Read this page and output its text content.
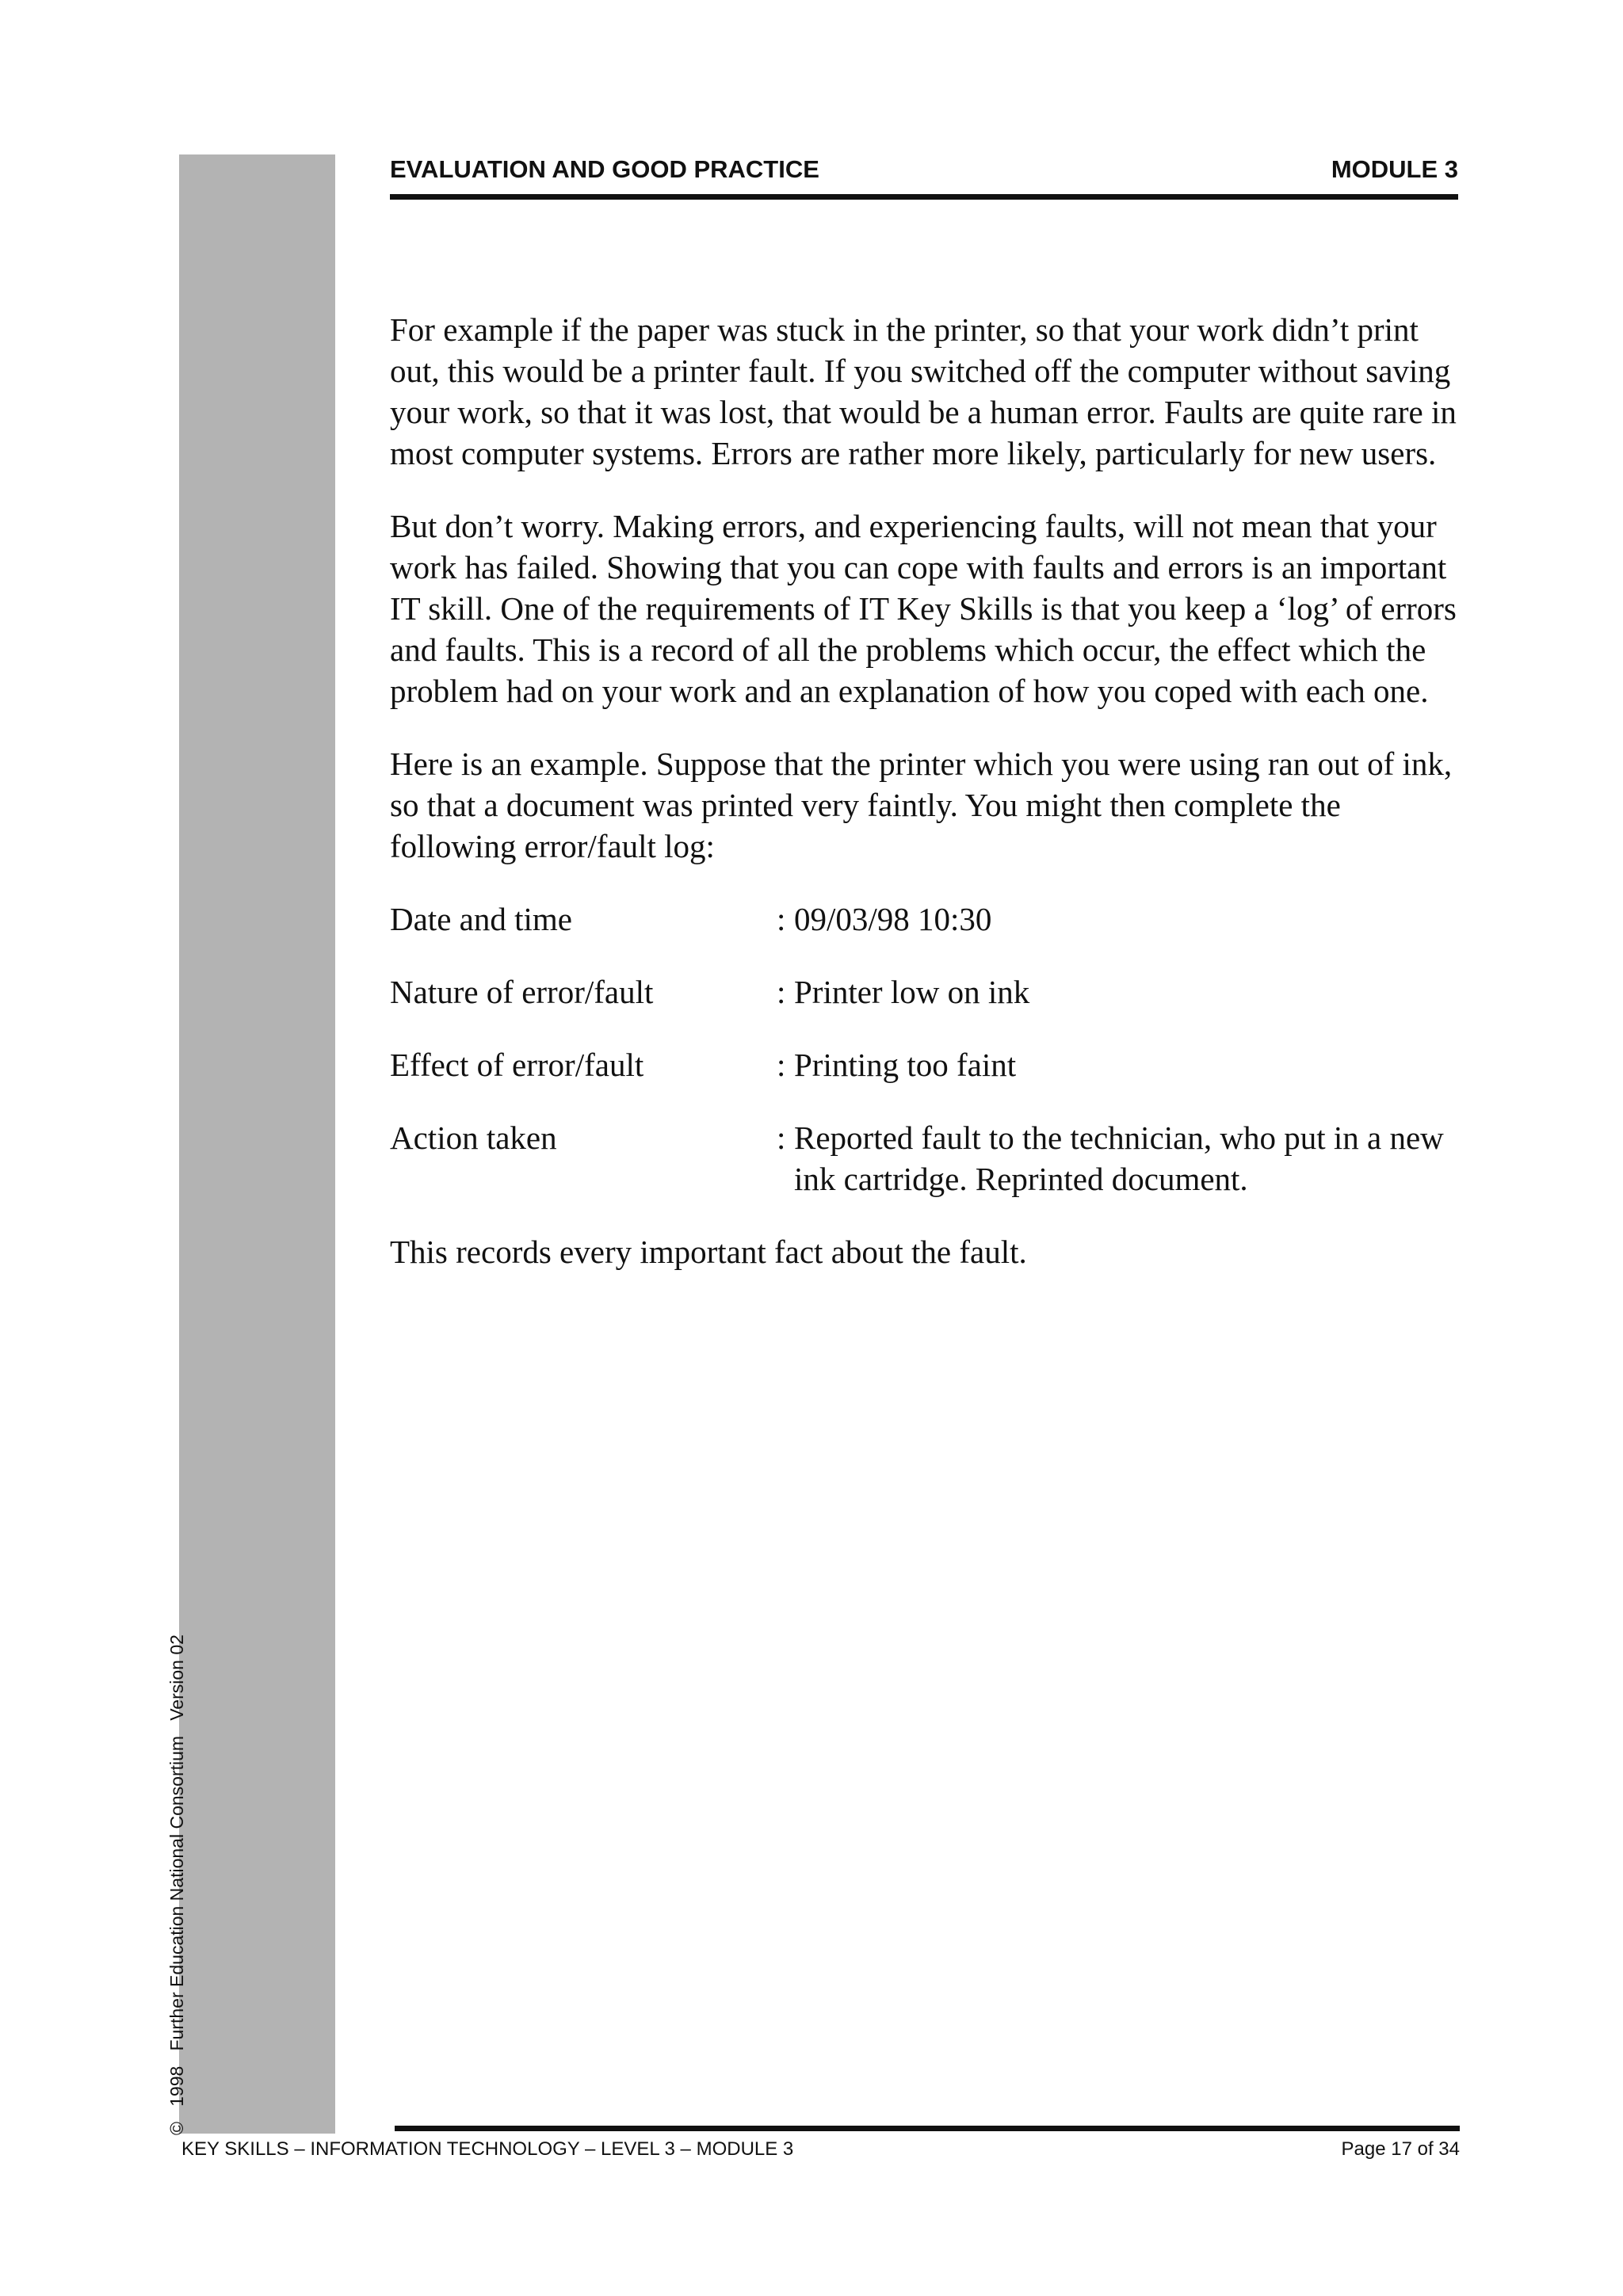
©   1998   Further Education National Consortium   Version 02
EVALUATION AND GOOD PRACTICE	MODULE 3

For example if the paper was stuck in the printer, so that your work didn’t print out, this would be a printer fault. If you switched off the computer without saving your work, so that it was lost, that would be a human error. Faults are quite rare in most computer systems. Errors are rather more likely, particularly for new users.

But don’t worry. Making errors, and experiencing faults, will not mean that your work has failed. Showing that you can cope with faults and errors is an important IT skill. One of the requirements of IT Key Skills is that you keep a ‘log’ of errors and faults. This is a record of all the problems which occur, the effect which the problem had on your work and an explanation of how you coped with each one.

Here is an example. Suppose that the printer which you were using ran out of ink, so that a document was printed very faintly. You might then complete the following error/fault log:

Date and time	: 09/03/98 10:30
Nature of error/fault	: Printer low on ink
Effect of error/fault	: Printing too faint
Action taken	: Reported fault to the technician, who put in a new ink cartridge. Reprinted document.

This records every important fact about the fault.

KEY SKILLS – INFORMATION TECHNOLOGY – LEVEL 3 – MODULE 3	Page 17 of 34
